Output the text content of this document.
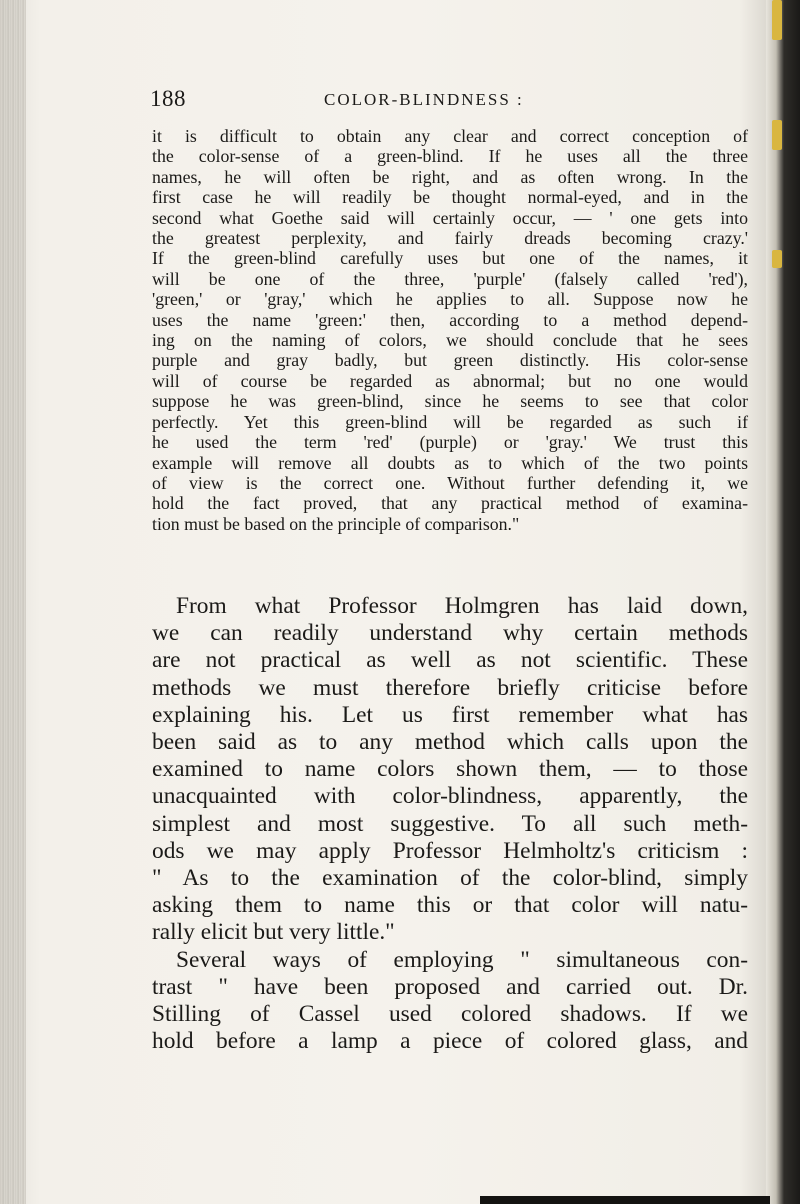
188	COLOR-BLINDNESS :
it is difficult to obtain any clear and correct conception of
the color-sense of a green-blind. If he uses all the three
names, he will often be right, and as often wrong. In the
first case he will readily be thought normal-eyed, and in the
second what Goethe said will certainly occur, — ' one gets into
the greatest perplexity, and fairly dreads becoming crazy.'
If the green-blind carefully uses but one of the names, it
will be one of the three, 'purple' (falsely called 'red'),
'green,' or 'gray,' which he applies to all. Suppose now he
uses the name 'green:' then, according to a method depend-
ing on the naming of colors, we should conclude that he sees
purple and gray badly, but green distinctly. His color-sense
will of course be regarded as abnormal; but no one would
suppose he was green-blind, since he seems to see that color
perfectly. Yet this green-blind will be regarded as such if
he used the term 'red' (purple) or 'gray.' We trust this
example will remove all doubts as to which of the two points
of view is the correct one. Without further defending it, we
hold the fact proved, that any practical method of examina-
tion must be based on the principle of comparison."
From what Professor Holmgren has laid down,
we can readily understand why certain methods
are not practical as well as not scientific. These
methods we must therefore briefly criticise before
explaining his. Let us first remember what has
been said as to any method which calls upon the
examined to name colors shown them, — to those
unacquainted with color-blindness, apparently, the
simplest and most suggestive. To all such meth-
ods we may apply Professor Helmholtz's criticism :
" As to the examination of the color-blind, simply
asking them to name this or that color will natu-
rally elicit but very little."
Several ways of employing " simultaneous con-
trast " have been proposed and carried out. Dr.
Stilling of Cassel used colored shadows. If we
hold before a lamp a piece of colored glass, and
